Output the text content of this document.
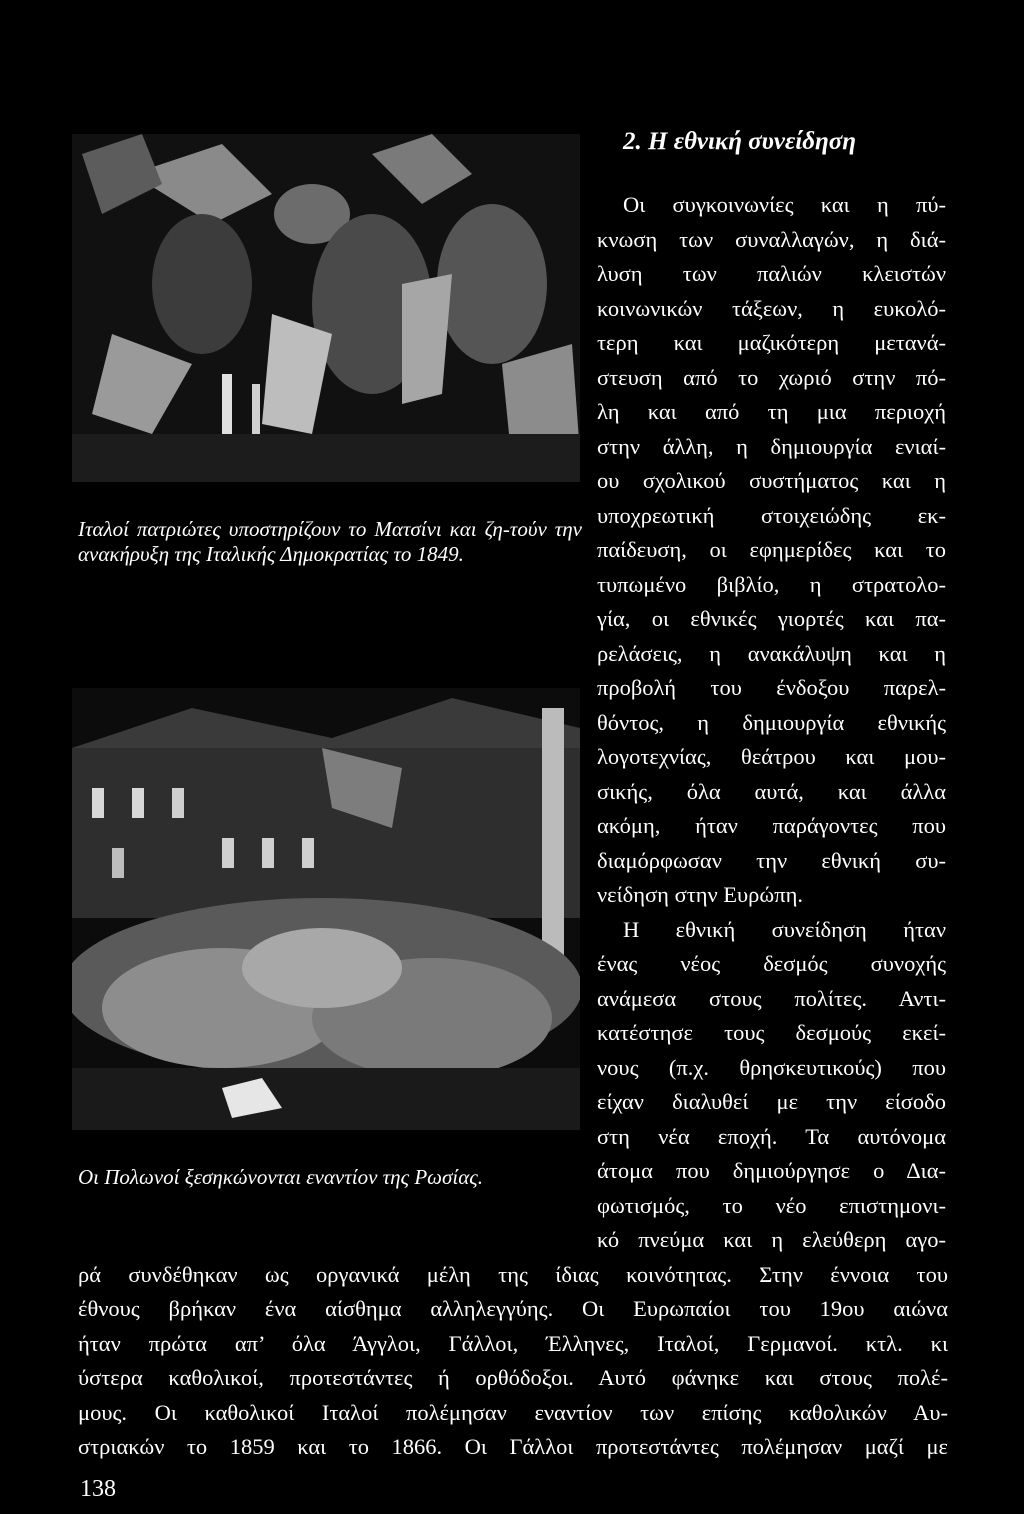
Ιταλοί πατριώτες υποστηρίζουν το Ματσίνι και ζη-τούν την ανακήρυξη της Ιταλικής Δημοκρατίας το 1849.

Οι Πολωνοί ξεσηκώνονται εναντίον της Ρωσίας.

2. Η εθνική συνείδηση
Οι συγκοινωνίες και η πύ-
κνωση των συναλλαγών, η διά-
λυση των παλιών κλειστών
κοινωνικών τάξεων, η ευκολό-
τερη και μαζικότερη μετανά-
στευση από το χωριό στην πό-
λη και από τη μια περιοχή
στην άλλη, η δημιουργία ενιαί-
ου σχολικού συστήματος και η
υποχρεωτική στοιχειώδης εκ-
παίδευση, οι εφημερίδες και το
τυπωμένο βιβλίο, η στρατολο-
γία, οι εθνικές γιορτές και πα-
ρελάσεις, η ανακάλυψη και η
προβολή του ένδοξου παρελ-
θόντος, η δημιουργία εθνικής
λογοτεχνίας, θεάτρου και μου-
σικής, όλα αυτά, και άλλα
ακόμη, ήταν παράγοντες που
διαμόρφωσαν την εθνική συ-
νείδηση στην Ευρώπη.
Η εθνική συνείδηση ήταν
ένας νέος δεσμός συνοχής
ανάμεσα στους πολίτες. Αντι-
κατέστησε τους δεσμούς εκεί-
νους (π.χ. θρησκευτικούς) που
είχαν διαλυθεί με την είσοδο
στη νέα εποχή. Τα αυτόνομα
άτομα που δημιούργησε ο Δια-
φωτισμός, το νέο επιστημονι-
κό πνεύμα και η ελεύθερη αγο-
ρά συνδέθηκαν ως οργανικά μέλη της ίδιας κοινότητας. Στην έννοια του
έθνους βρήκαν ένα αίσθημα αλληλεγγύης. Οι Ευρωπαίοι του 19ου αιώνα
ήταν πρώτα απ’ όλα Άγγλοι, Γάλλοι, Έλληνες, Ιταλοί, Γερμανοί. κτλ. κι
ύστερα καθολικοί, προτεστάντες ή ορθόδοξοι. Αυτό φάνηκε και στους πολέ-
μους. Οι καθολικοί Ιταλοί πολέμησαν εναντίον των επίσης καθολικών Αυ-
στριακών το 1859 και το 1866. Οι Γάλλοι προτεστάντες πολέμησαν μαζί με
138
